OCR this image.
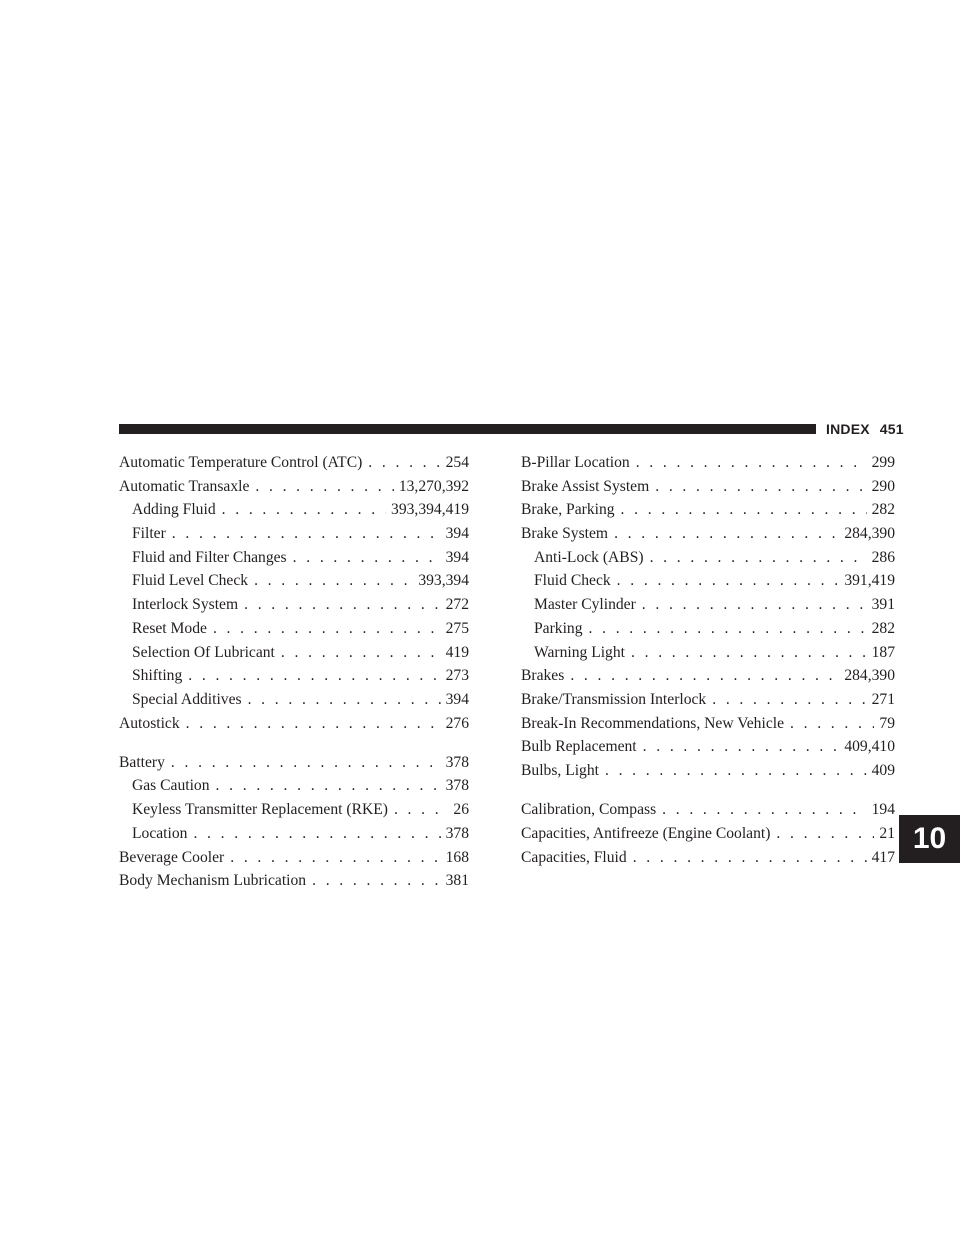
INDEX 451
Automatic Temperature Control (ATC) . . .	254
Automatic Transaxle . . .	13,270,392
Adding Fluid . . .	393,394,419
Filter . . .	394
Fluid and Filter Changes . . .	394
Fluid Level Check . . .	393,394
Interlock System . . .	272
Reset Mode . . .	275
Selection Of Lubricant . . .	419
Shifting . . .	273
Special Additives . . .	394
Autostick . . .	276
Battery . . .	378
Gas Caution . . .	378
Keyless Transmitter Replacement (RKE) . . .	26
Location . . .	378
Beverage Cooler . . .	168
Body Mechanism Lubrication . . .	381
B-Pillar Location . . .	299
Brake Assist System . . .	290
Brake, Parking . . .	282
Brake System . . .	284,390
Anti-Lock (ABS) . . .	286
Fluid Check . . .	391,419
Master Cylinder . . .	391
Parking . . .	282
Warning Light . . .	187
Brakes . . .	284,390
Brake/Transmission Interlock . . .	271
Break-In Recommendations, New Vehicle . . .	79
Bulb Replacement . . .	409,410
Bulbs, Light . . .	409
Calibration, Compass . . .	194
Capacities, Antifreeze (Engine Coolant) . . .	21
Capacities, Fluid . . .	417
10
